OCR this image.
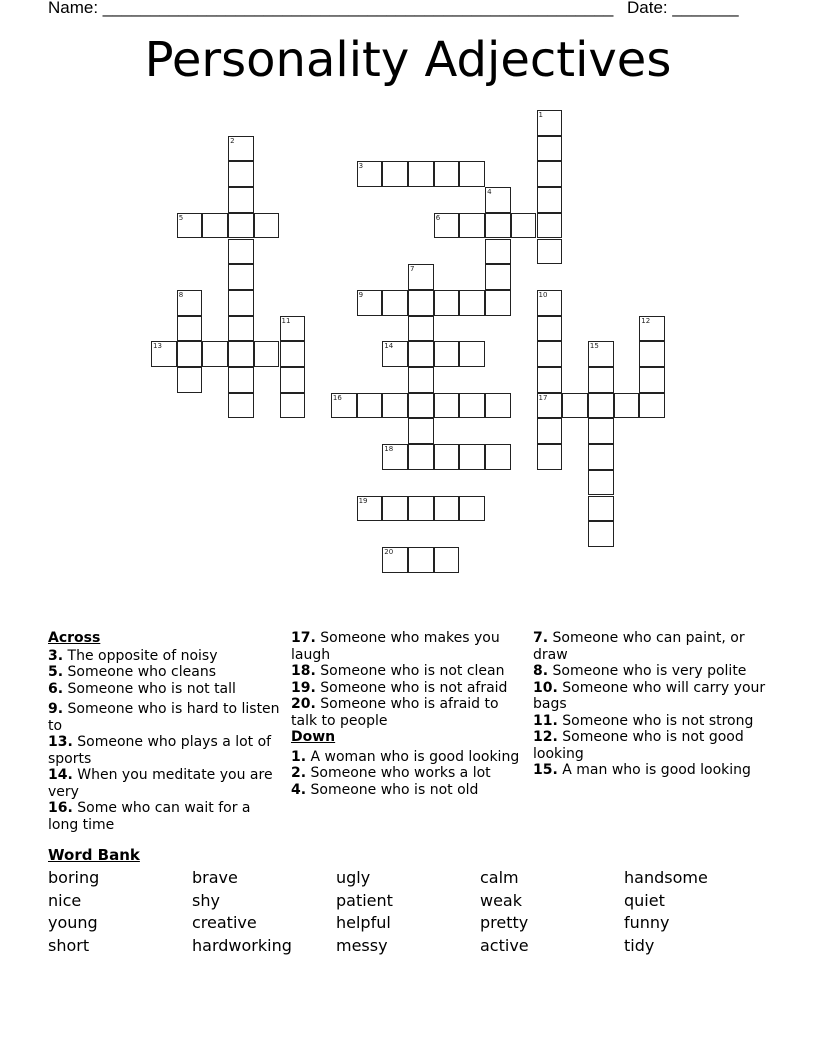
Name: ______________________________________________________ Date: _______
Personality Adjectives
1
2
3
4
5	6
7
8	9	10
17
11	12
13	14	15
16
18
19
20
Across
3. The opposite of noisy
5. Someone who cleans
6. Someone who is not tall
9. Someone who is hard to listen to
13. Someone who plays a lot of sports
14. When you meditate you are very
16. Some who can wait for a long time
17. Someone who makes you laugh
18. Someone who is not clean
19. Someone who is not afraid
20. Someone who is afraid to talk to people
Down
1. A woman who is good looking
2. Someone who works a lot
4. Someone who is not old
7. Someone who can paint, or draw
8. Someone who is very polite
10. Someone who will carry your bags
11. Someone who is not strong
12. Someone who is not good looking
15. A man who is good looking
Word Bank
boring
nice
young
short
brave
shy
creative
hardworking
ugly
patient
helpful
messy
calm
weak
pretty
active
handsome
quiet
funny
tidy
